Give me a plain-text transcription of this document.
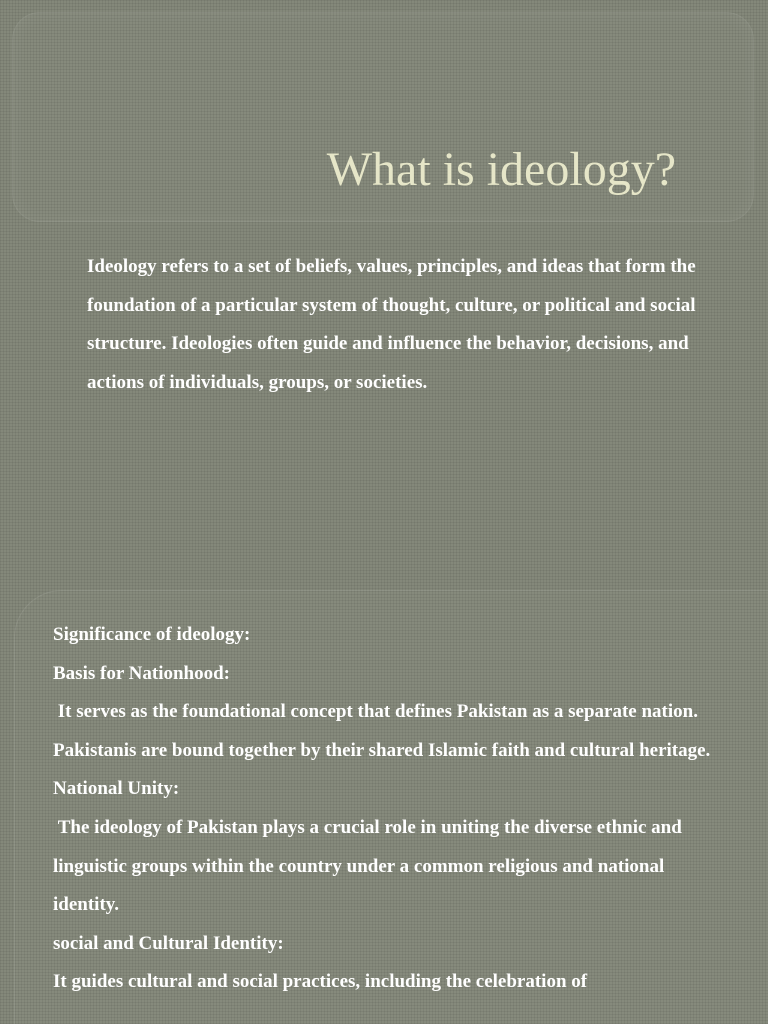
What is ideology?

Ideology refers to a set of beliefs, values, principles, and ideas that form the foundation of a particular system of thought, culture, or political and social structure. Ideologies often guide and influence the behavior, decisions, and actions of individuals, groups, or societies.

Significance of ideology:

Basis for Nationhood:

It serves as the foundational concept that defines Pakistan as a separate nation. Pakistanis are bound together by their shared Islamic faith and cultural heritage.

National Unity:

The ideology of Pakistan plays a crucial role in uniting the diverse ethnic and linguistic groups within the country under a common religious and national identity.

social and Cultural Identity:

It guides cultural and social practices, including the celebration of
